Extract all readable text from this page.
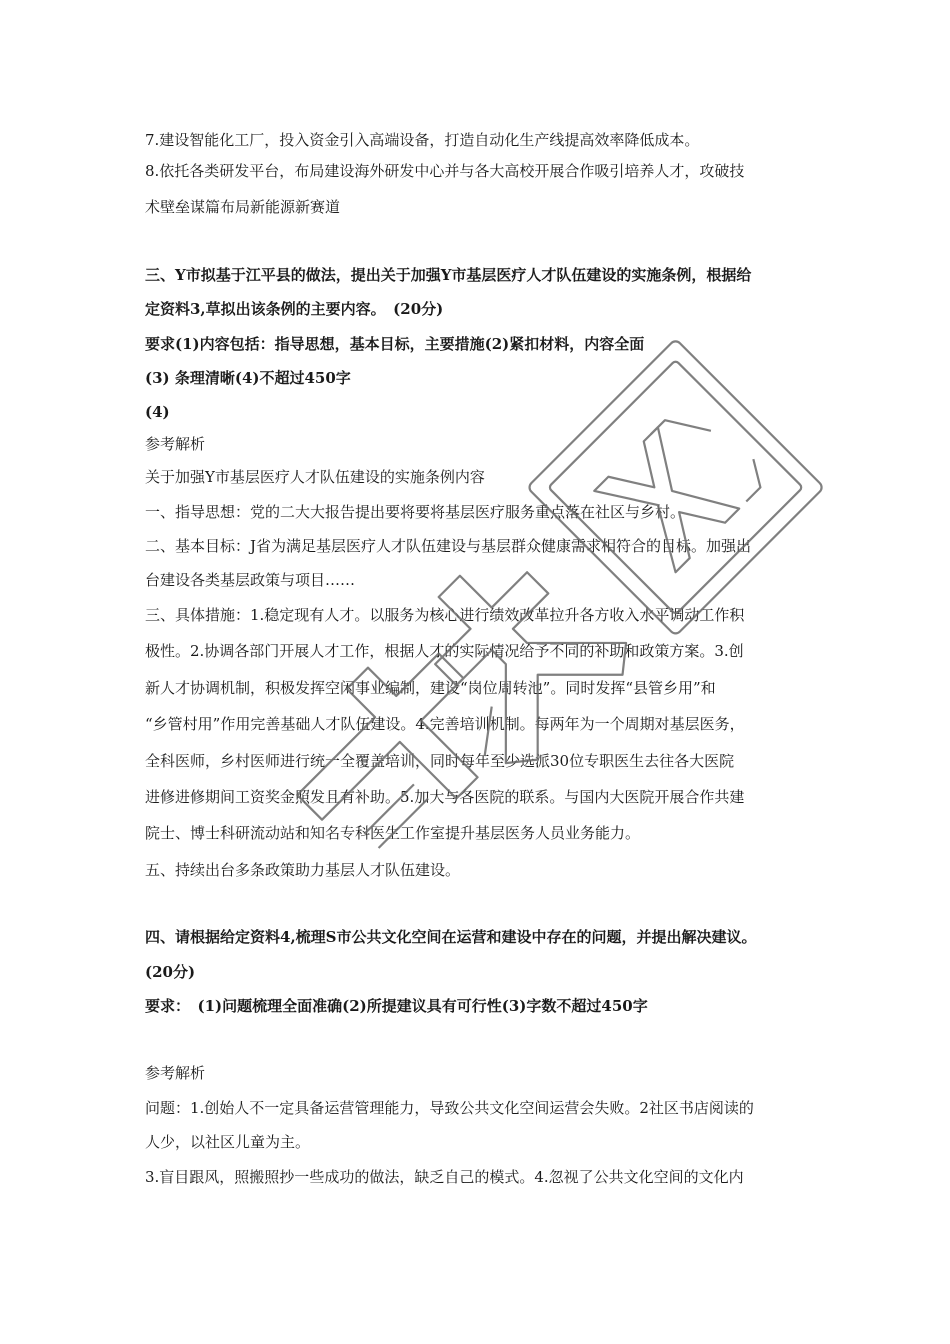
7.建设智能化工厂，投入资金引入高端设备，打造自动化生产线提高效率降低成本。
8.依托各类研发平台，布局建设海外研发中心并与各大高校开展合作吸引培养人才，攻破技
术壁垒谋篇布局新能源新赛道
三、Y市拟基于江平县的做法，提出关于加强Y市基层医疗人才队伍建设的实施条例，根据给
定资料3,草拟出该条例的主要内容。　(20分)
要求(1)内容包括：指导思想，基本目标，主要措施(2)紧扣材料，内容全面
(3) 条理清晰(4)不超过450字
(4)
参考解析
关于加强Y市基层医疗人才队伍建设的实施条例内容
一、指导思想：党的二大大报告提出要将要将基层医疗服务重点落在社区与乡村。
二、基本目标：J省为满足基层医疗人才队伍建设与基层群众健康需求相符合的目标。加强出
台建设各类基层政策与项目……
三、具体措施：1.稳定现有人才。以服务为核心进行绩效改革拉升各方收入水平调动工作积
极性。2.协调各部门开展人才工作，根据人才的实际情况给予不同的补助和政策方案。3.创
新人才协调机制，积极发挥空闲事业编制，建设“岗位周转池”。同时发挥“县管乡用”和
“乡管村用”作用完善基础人才队伍建设。4.完善培训机制。每两年为一个周期对基层医务，
全科医师，乡村医师进行统一全覆盖培训，同时每年至少选派30位专职医生去往各大医院
进修进修期间工资奖金照发且有补助。5.加大与各医院的联系。与国内大医院开展合作共建
院士、博士科研流动站和知名专科医生工作室提升基层医务人员业务能力。
五、持续出台多条政策助力基层人才队伍建设。
四、请根据给定资料4,梳理S市公共文化空间在运营和建设中存在的问题，并提出解决建议。
(20分)
要求：　(1)问题梳理全面准确(2)所提建议具有可行性(3)字数不超过450字
参考解析
问题：1.创始人不一定具备运营管理能力，导致公共文化空间运营会失败。2社区书店阅读的
人少，以社区儿童为主。
3.盲目跟风，照搬照抄一些成功的做法，缺乏自己的模式。4.忽视了公共文化空间的文化内
